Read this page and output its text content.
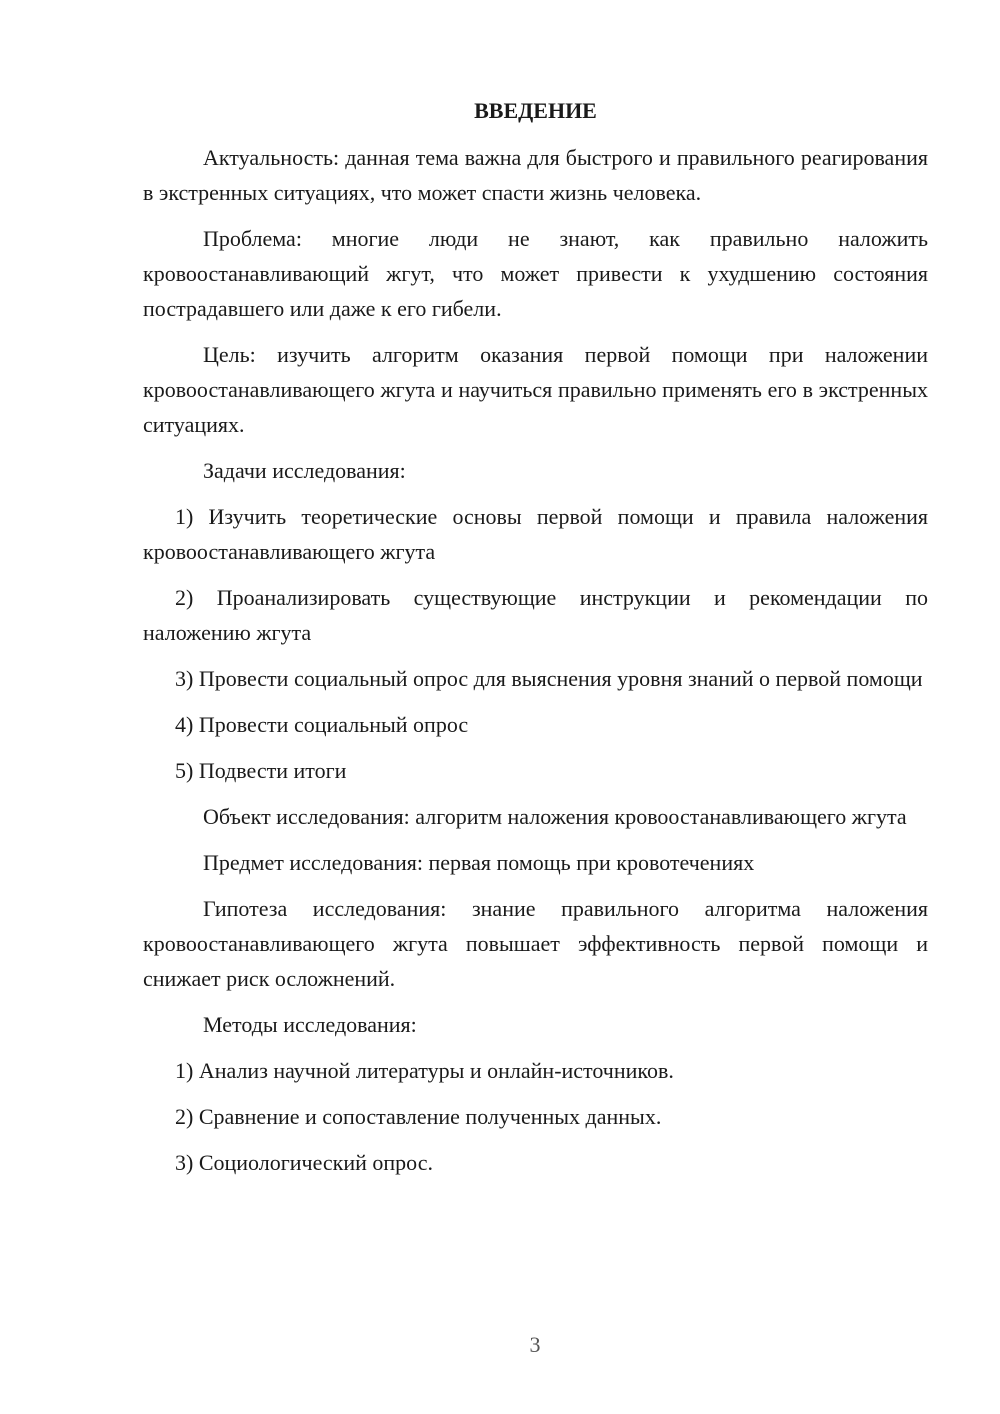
ВВЕДЕНИЕ

Актуальность: данная тема важна для быстрого и правильного реагирования в экстренных ситуациях, что может спасти жизнь человека.

Проблема: многие люди не знают, как правильно наложить кровоостанавливающий жгут, что может привести к ухудшению состояния пострадавшего или даже к его гибели.

Цель: изучить алгоритм оказания первой помощи при наложении кровоостанавливающего жгута и научиться правильно применять его в экстренных ситуациях.

Задачи исследования:

1) Изучить теоретические основы первой помощи и правила наложения кровоостанавливающего жгута

2) Проанализировать существующие инструкции и рекомендации по наложению жгута

3) Провести социальный опрос для выяснения уровня знаний о первой помощи

4) Провести социальный опрос

5) Подвести итоги

Объект исследования: алгоритм наложения кровоостанавливающего жгута

Предмет исследования: первая помощь при кровотечениях

Гипотеза исследования: знание правильного алгоритма наложения кровоостанавливающего жгута повышает эффективность первой помощи и снижает риск осложнений.

Методы исследования:

1) Анализ научной литературы и онлайн-источников.

2) Сравнение и сопоставление полученных данных.

3) Социологический опрос.

3
